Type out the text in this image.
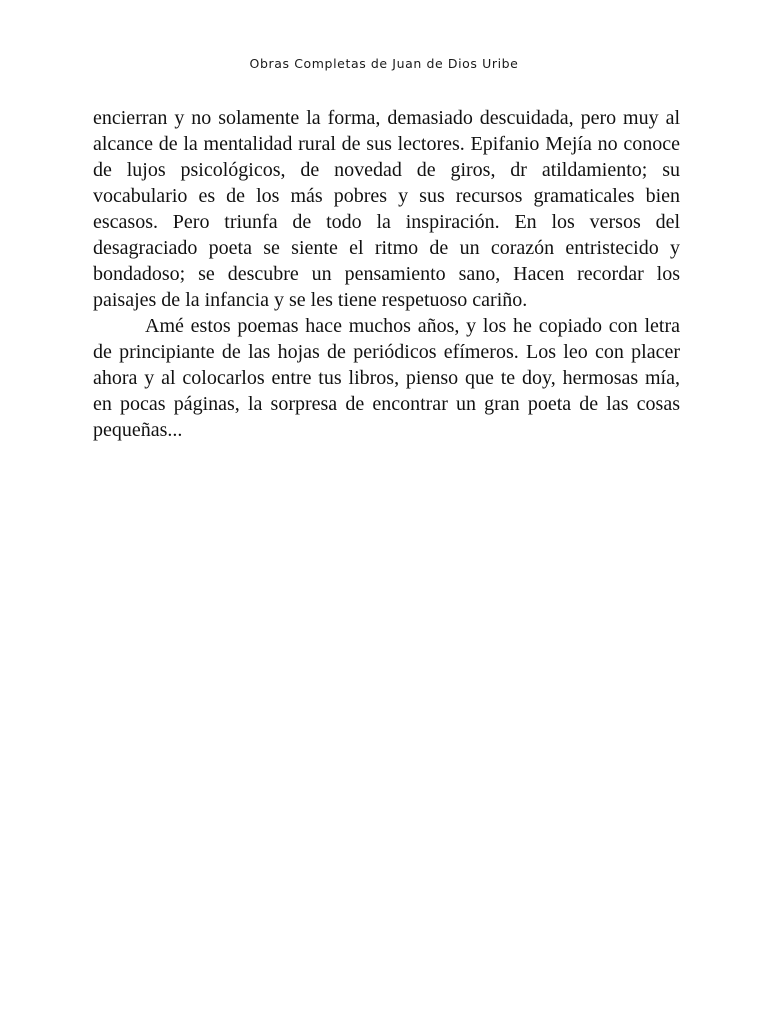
Obras Completas de Juan de Dios Uribe

encierran y no solamente la forma, demasiado descuidada, pero muy al alcance de la mentalidad rural de sus lectores. Epifanio Mejía no conoce de lujos psicológicos, de novedad de giros, dr atildamiento; su vocabulario es de los más pobres y sus recursos gramaticales bien escasos. Pero triunfa de todo la inspiración. En los versos del desagraciado poeta se siente el ritmo de un corazón entristecido y bondadoso; se descubre un pensamiento sano, Hacen recordar los paisajes de la infancia y se les tiene respetuoso cariño.

Amé estos poemas hace muchos años, y los he copiado con letra de principiante de las hojas de periódicos efímeros. Los leo con placer ahora y al colocarlos entre tus libros, pienso que te doy, hermosas mía, en pocas páginas, la sorpresa de encontrar un gran poeta de las cosas pequeñas...
